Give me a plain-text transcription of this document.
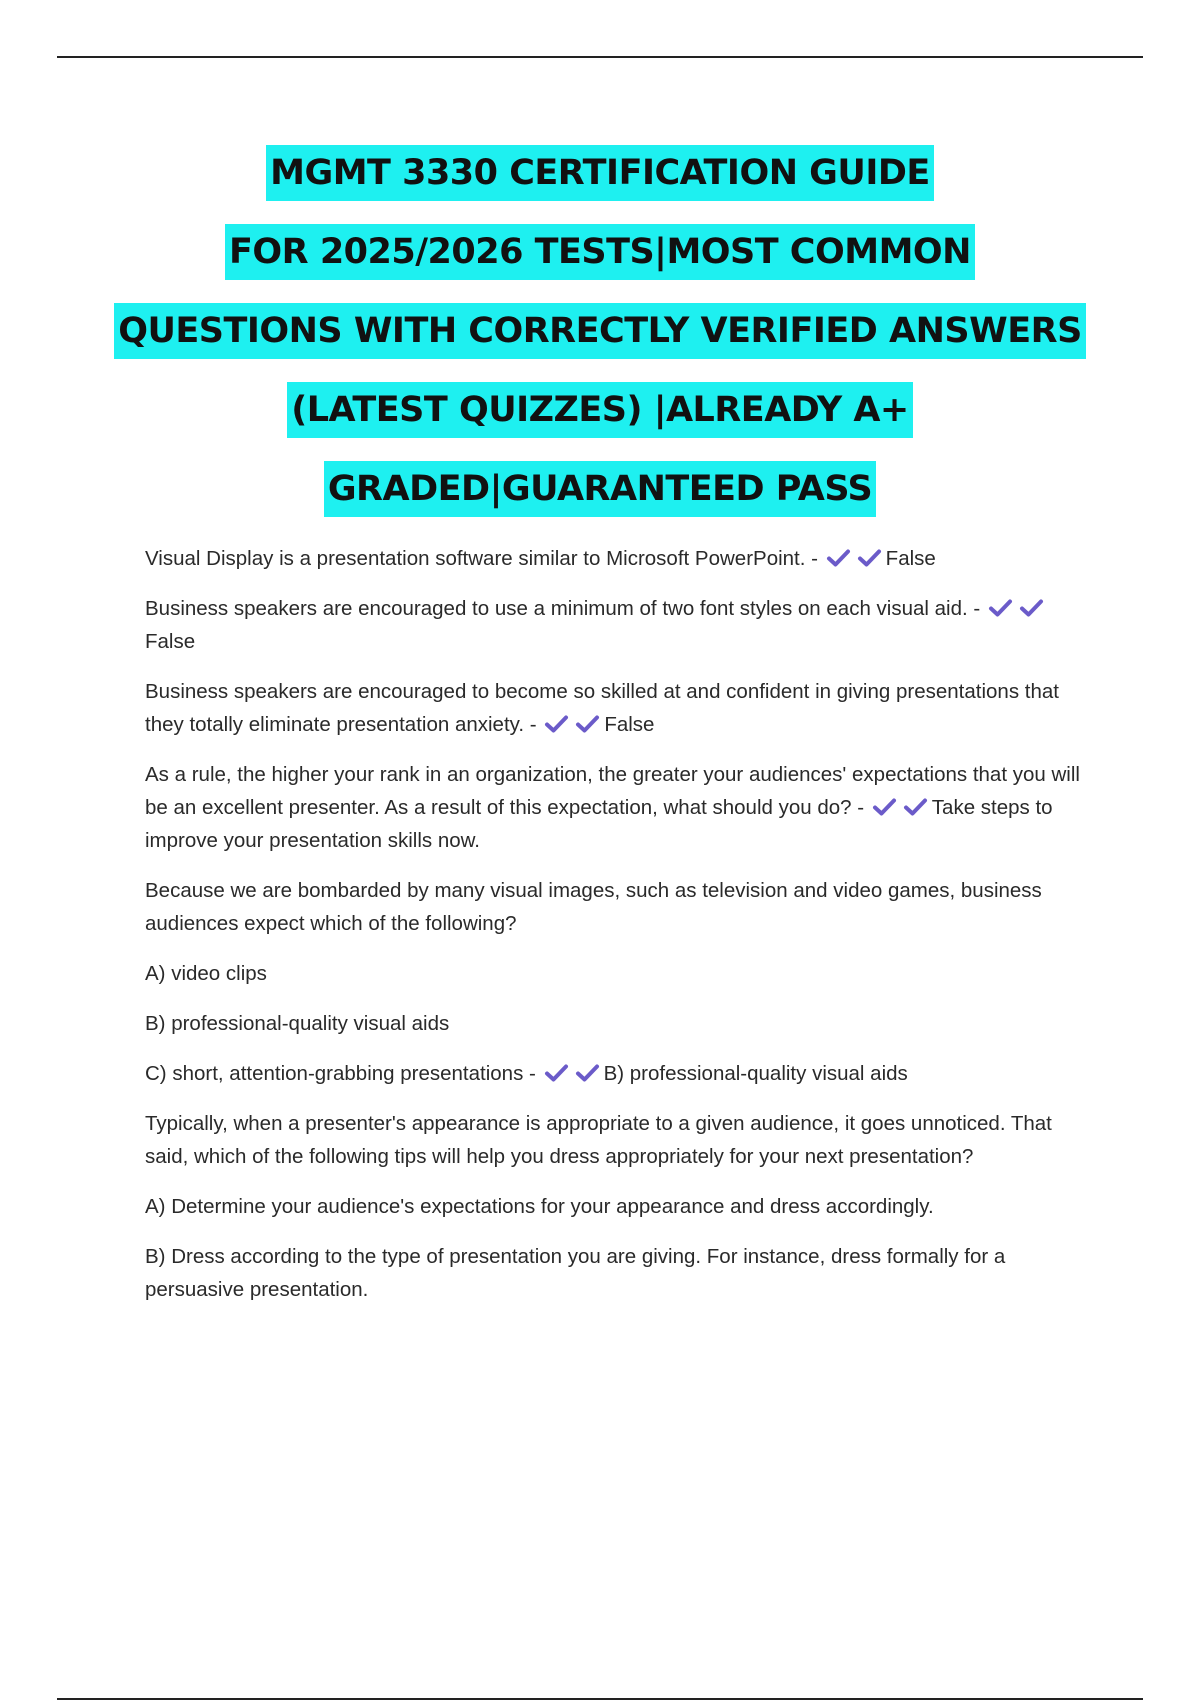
MGMT 3330 CERTIFICATION GUIDE
FOR 2025/2026 TESTS|MOST COMMON
QUESTIONS WITH CORRECTLY VERIFIED ANSWERS
(LATEST QUIZZES) |ALREADY A+
GRADED|GUARANTEED PASS

Visual Display is a presentation software similar to Microsoft PowerPoint. -	False

Business speakers are encouraged to use a minimum of two font styles on each visual aid. -
False

Business speakers are encouraged to become so skilled at and confident in giving presentations that they totally eliminate presentation anxiety. -	False

As a rule, the higher your rank in an organization, the greater your audiences' expectations that you will be an excellent presenter. As a result of this expectation, what should you do? -	Take steps to improve your presentation skills now.

Because we are bombarded by many visual images, such as television and video games, business audiences expect which of the following?

A) video clips

B) professional-quality visual aids

C) short, attention-grabbing presentations -	B) professional-quality visual aids

Typically, when a presenter's appearance is appropriate to a given audience, it goes unnoticed. That said, which of the following tips will help you dress appropriately for your next presentation?

A) Determine your audience's expectations for your appearance and dress accordingly.

B) Dress according to the type of presentation you are giving. For instance, dress formally for a persuasive presentation.
